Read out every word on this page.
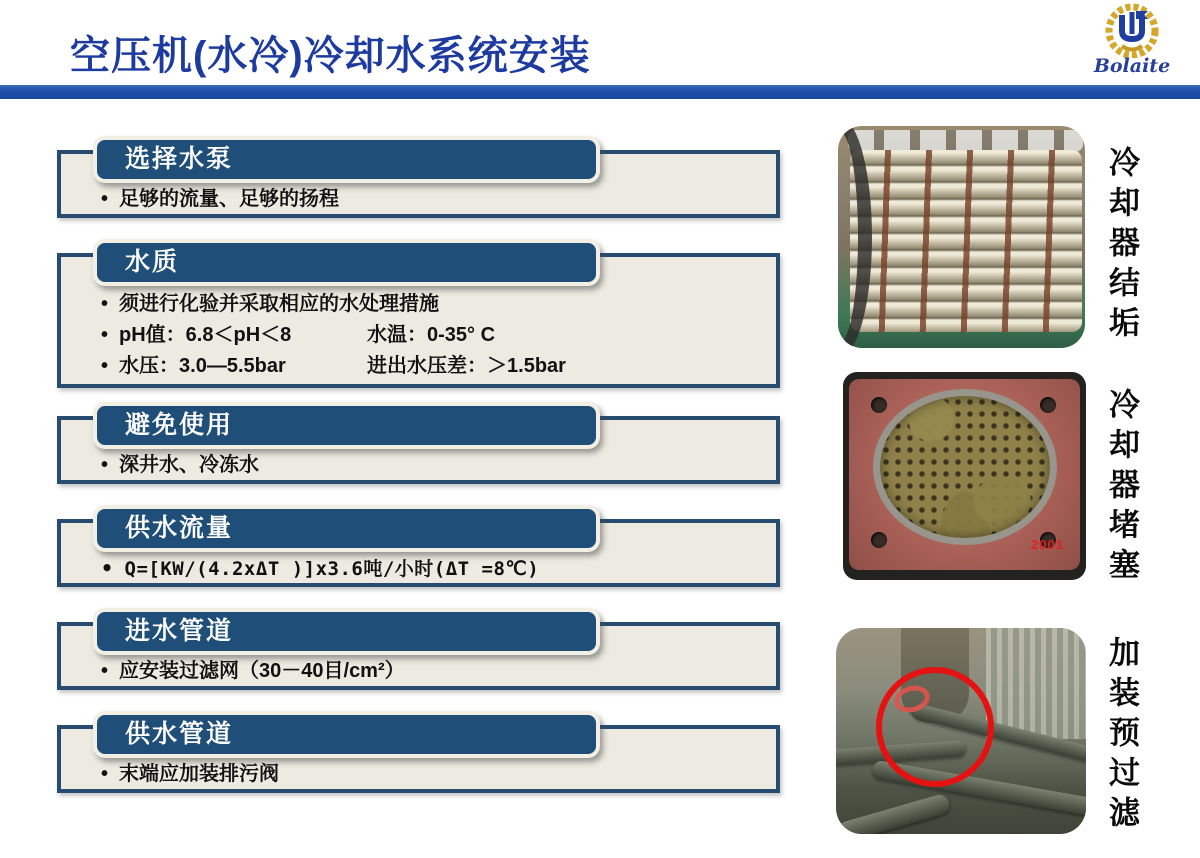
空压机(水冷)冷却水系统安装	Bolaite
• 足够的流量、足够的扬程
选择水泵
• 须进行化验并采取相应的水处理措施
• pH值：6.8＜pH＜8	水温：0-35° C
• 水压：3.0—5.5bar	进出水压差：＞1.5bar
水质
• 深井水、冷冻水
避免使用
• Q=[KW/(4.2xΔT )]x3.6吨/小时(ΔT =8℃)
供水流量
• 应安装过滤网（30－40目/cm²）
进水管道
• 末端应加装排污阀
供水管道
冷却器结垢
2001 冷却器堵塞
加装预过滤
